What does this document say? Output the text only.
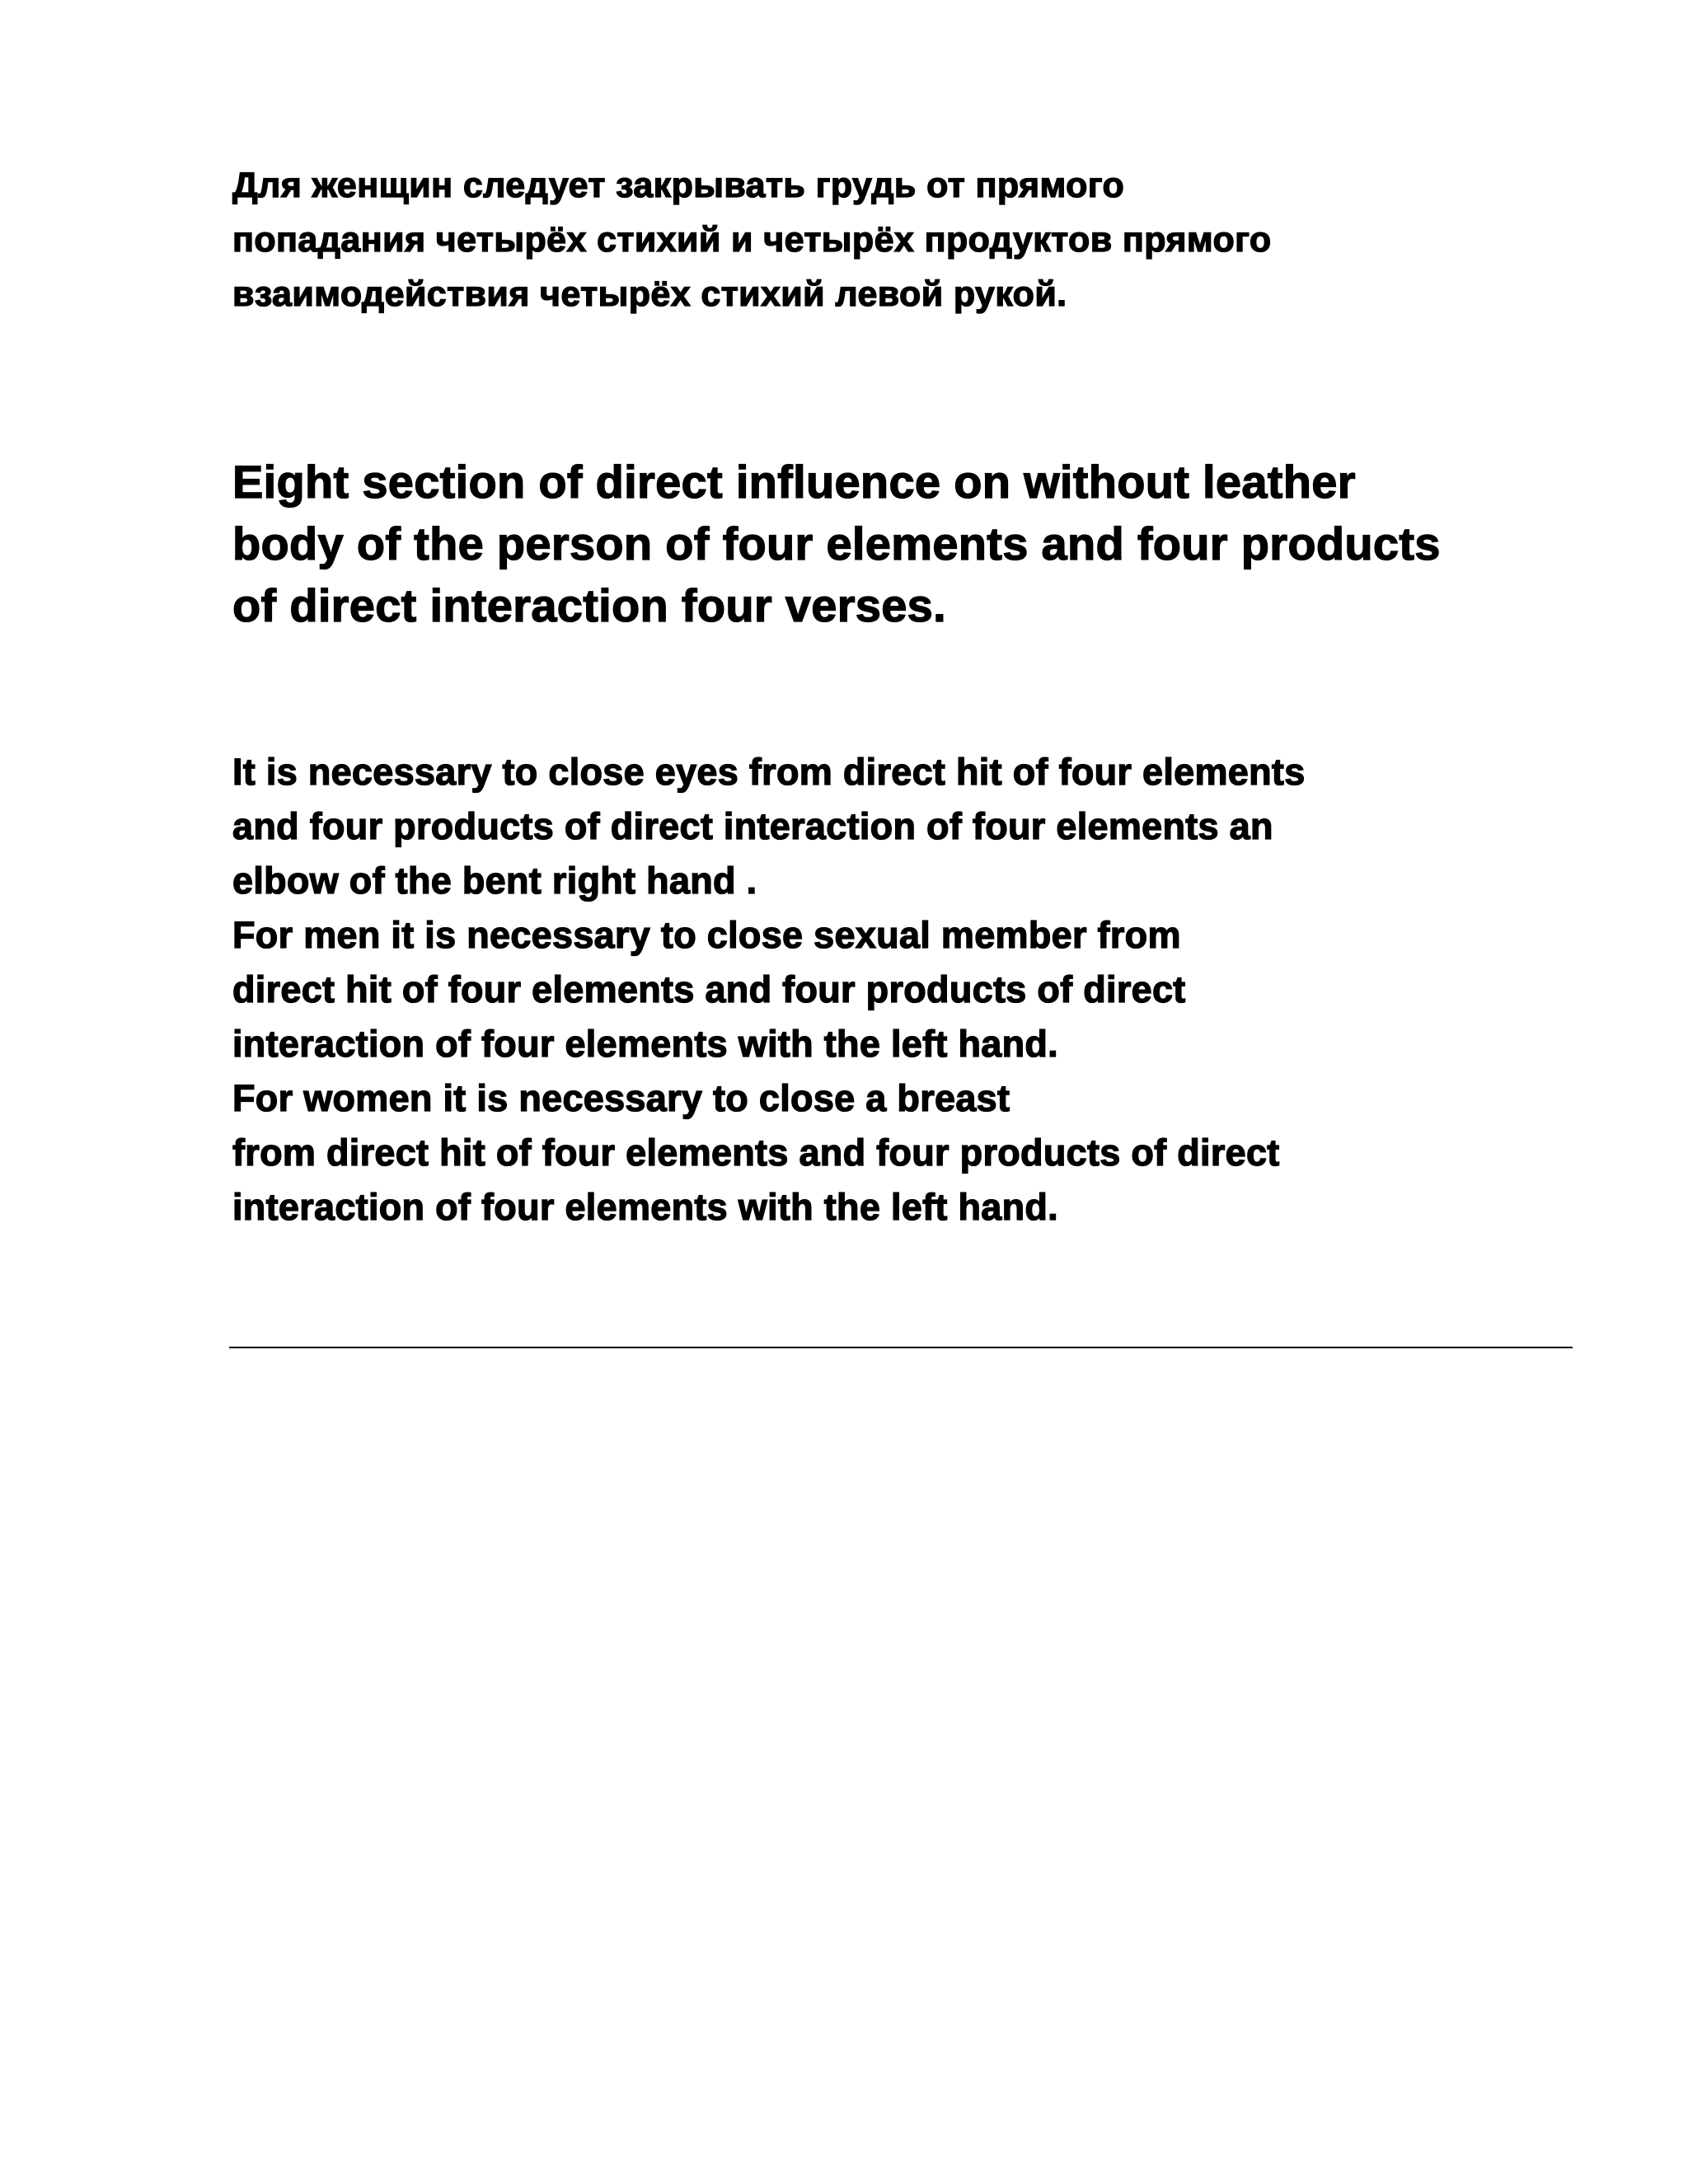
Для женщин следует закрывать грудь от прямого
попадания четырёх стихий и четырёх продуктов прямого
взаимодействия четырёх стихий левой рукой.

Eight section of direct influence on without leather
body of the person of four elements and four products
of direct interaction four verses.

It is necessary to close eyes from direct hit of four elements
and four products of direct interaction of four elements an
elbow of the bent right hand .
For men it is necessary to close sexual member from
direct hit of four elements and four products of direct
interaction of four elements with the left hand.
For women it is necessary to close a breast
from direct hit of four elements and four products of direct
interaction of four elements with the left hand.
